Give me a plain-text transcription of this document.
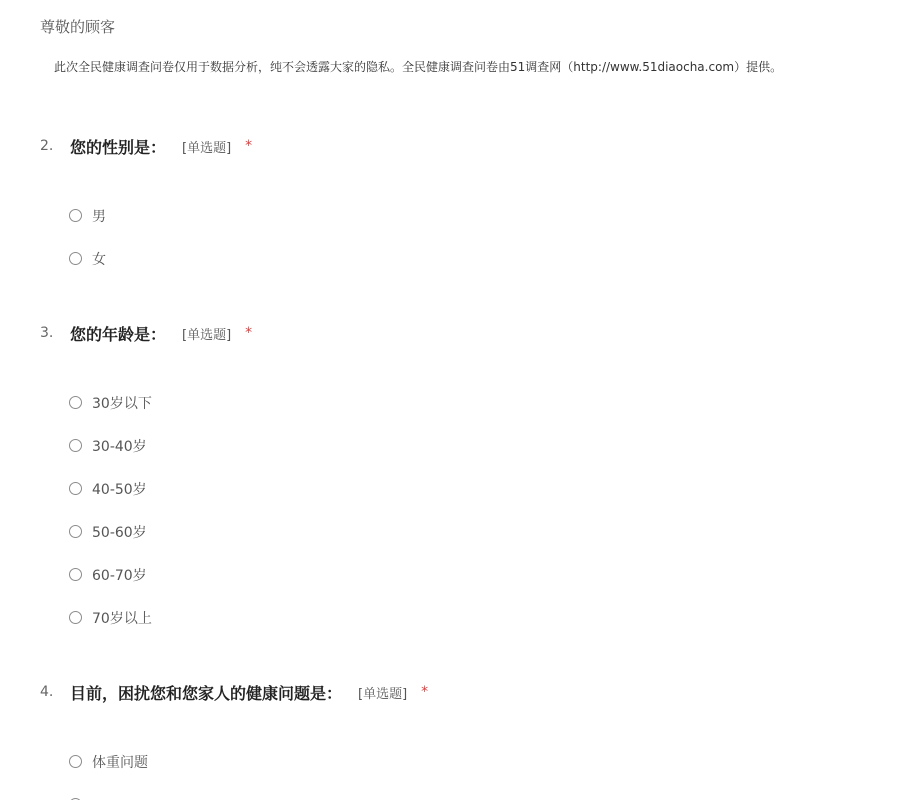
尊敬的顾客
此次全民健康调查问卷仅用于数据分析，纯不会透露大家的隐私。全民健康调查问卷由51调查网（http://www.51diaocha.com）提供。
2.	您的性别是： [单选题] *
男
女
3.	您的年龄是： [单选题] *
30岁以下
30-40岁
40-50岁
50-60岁
60-70岁
70岁以上
4.	目前，困扰您和您家人的健康问题是： [单选题] *
体重问题
